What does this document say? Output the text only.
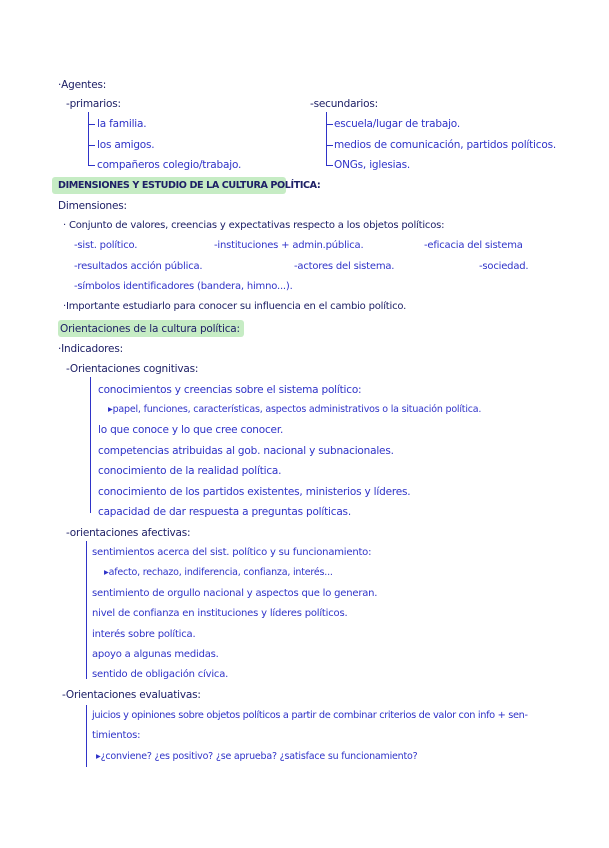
·Agentes:
-primarios:
la familia.
los amigos.
compañeros colegio/trabajo.
-secundarios:
escuela/lugar de trabajo.
medios de comunicación, partidos políticos.
ONGs, iglesias.
DIMENSIONES Y ESTUDIO DE LA CULTURA POLÍTICA:
Dimensiones:
· Conjunto de valores, creencias y expectativas respecto a los objetos políticos:
-sist. político.	-instituciones + admin.pública.	-eficacia del sistema
-resultados acción pública.	-actores del sistema.	-sociedad.
-símbolos identificadores (bandera, himno...).
·Importante estudiarlo para conocer su influencia en el cambio político.
Orientaciones de la cultura política:
·Indicadores:
-Orientaciones cognitivas:
conocimientos y creencias sobre el sistema político:
▸papel, funciones, características, aspectos administrativos o la situación política.
lo que conoce y lo que cree conocer.
competencias atribuidas al gob. nacional y subnacionales.
conocimiento de la realidad política.
conocimiento de los partidos existentes, ministerios y líderes.
capacidad de dar respuesta a preguntas políticas.
-orientaciones afectivas:
sentimientos acerca del sist. político y su funcionamiento:
▸afecto, rechazo, indiferencia, confianza, interés...
sentimiento de orgullo nacional y aspectos que lo generan.
nivel de confianza en instituciones y líderes políticos.
interés sobre política.
apoyo a algunas medidas.
sentido de obligación cívica.
-Orientaciones evaluativas:
juicios y opiniones sobre objetos políticos a partir de combinar criterios de valor con info + sen-
timientos:
▸¿conviene? ¿es positivo? ¿se aprueba? ¿satisface su funcionamiento?
